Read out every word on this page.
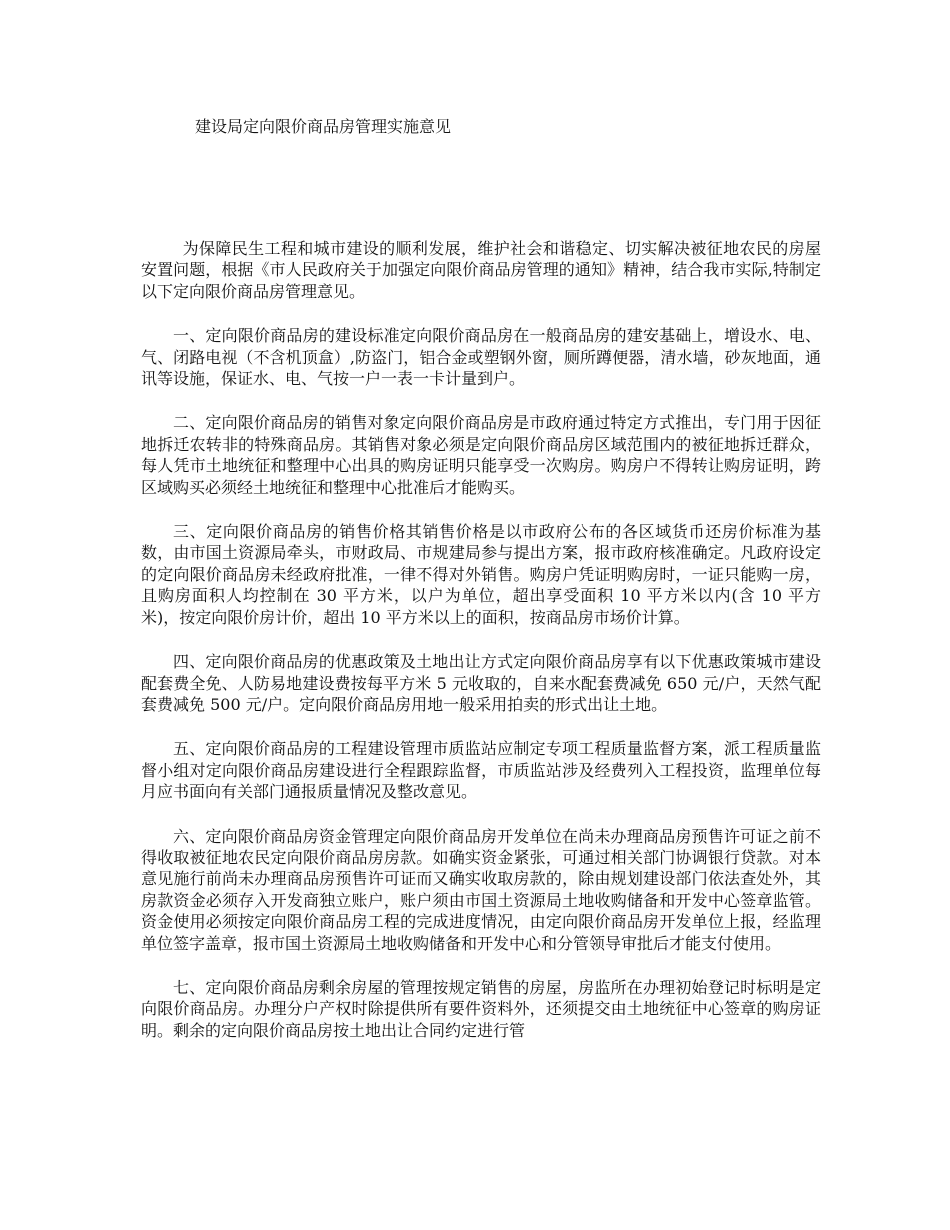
建设局定向限价商品房管理实施意见

为保障民生工程和城市建设的顺利发展，维护社会和谐稳定、切实解决被征地农民的房屋安置问题，根据《市人民政府关于加强定向限价商品房管理的通知》精神，结合我市实际,特制定以下定向限价商品房管理意见。

一、定向限价商品房的建设标准定向限价商品房在一般商品房的建安基础上，增设水、电、气、闭路电视（不含机顶盒）,防盗门，铝合金或塑钢外窗，厕所蹲便器，清水墙，砂灰地面，通讯等设施，保证水、电、气按一户一表一卡计量到户。

二、定向限价商品房的销售对象定向限价商品房是市政府通过特定方式推出，专门用于因征地拆迁农转非的特殊商品房。其销售对象必须是定向限价商品房区域范围内的被征地拆迁群众，每人凭市土地统征和整理中心出具的购房证明只能享受一次购房。购房户不得转让购房证明，跨区域购买必须经土地统征和整理中心批准后才能购买。

三、定向限价商品房的销售价格其销售价格是以市政府公布的各区域货币还房价标准为基数，由市国土资源局牵头，市财政局、市规建局参与提出方案，报市政府核准确定。凡政府设定的定向限价商品房未经政府批准，一律不得对外销售。购房户凭证明购房时，一证只能购一房，且购房面积人均控制在 30 平方米，以户为单位，超出享受面积 10 平方米以内(含 10 平方米)，按定向限价房计价，超出 10 平方米以上的面积，按商品房市场价计算。

四、定向限价商品房的优惠政策及土地出让方式定向限价商品房享有以下优惠政策城市建设配套费全免、人防易地建设费按每平方米 5 元收取的，自来水配套费减免 650 元/户，天然气配套费减免 500 元/户。定向限价商品房用地一般采用拍卖的形式出让土地。

五、定向限价商品房的工程建设管理市质监站应制定专项工程质量监督方案，派工程质量监督小组对定向限价商品房建设进行全程跟踪监督，市质监站涉及经费列入工程投资，监理单位每月应书面向有关部门通报质量情况及整改意见。

六、定向限价商品房资金管理定向限价商品房开发单位在尚未办理商品房预售许可证之前不得收取被征地农民定向限价商品房房款。如确实资金紧张，可通过相关部门协调银行贷款。对本意见施行前尚未办理商品房预售许可证而又确实收取房款的，除由规划建设部门依法查处外，其房款资金必须存入开发商独立账户，账户须由市国土资源局土地收购储备和开发中心签章监管。资金使用必须按定向限价商品房工程的完成进度情况，由定向限价商品房开发单位上报，经监理单位签字盖章，报市国土资源局土地收购储备和开发中心和分管领导审批后才能支付使用。

七、定向限价商品房剩余房屋的管理按规定销售的房屋，房监所在办理初始登记时标明是定向限价商品房。办理分户产权时除提供所有要件资料外，还须提交由土地统征中心签章的购房证明。剩余的定向限价商品房按土地出让合同约定进行管
